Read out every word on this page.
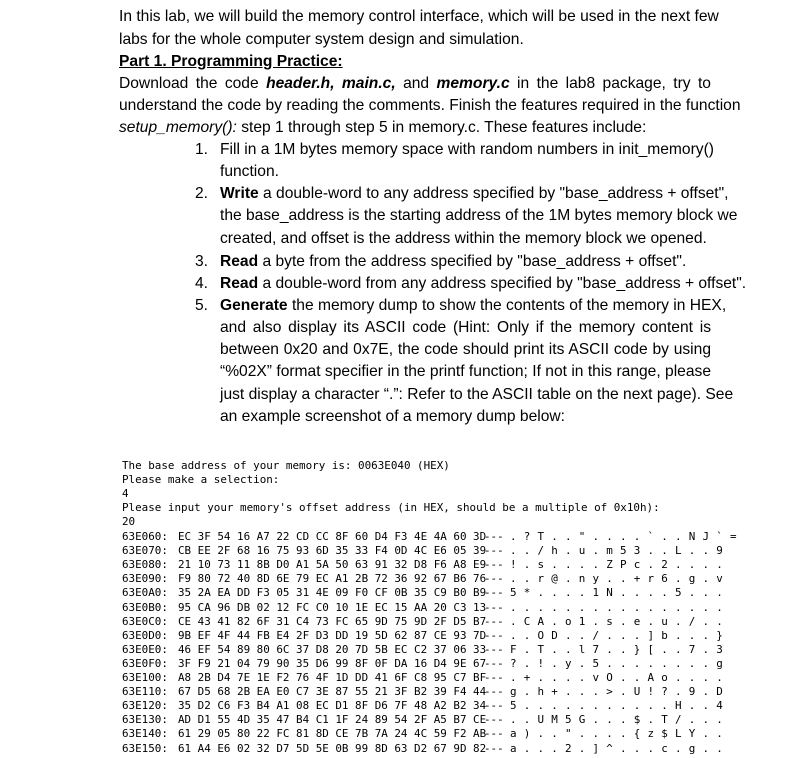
In this lab, we will build the memory control interface, which will be used in the next few
labs for the whole computer system design and simulation.
Part 1. Programming Practice:
Download the code header.h, main.c, and memory.c in the lab8 package, try to
understand the code by reading the comments. Finish the features required in the function
setup_memory(): step 1 through step 5 in memory.c. These features include:
1. Fill in a 1M bytes memory space with random numbers in init_memory()
function.
2. Write a double-word to any address specified by "base_address + offset",
the base_address is the starting address of the 1M bytes memory block we
created, and offset is the address within the memory block we opened.
3. Read a byte from the address specified by "base_address + offset".
4. Read a double-word from any address specified by "base_address + offset".
5. Generate the memory dump to show the contents of the memory in HEX,
and also display its ASCII code (Hint: Only if the memory content is
between 0x20 and 0x7E, the code should print its ASCII code by using
“%02X” format specifier in the printf function; If not in this range, please
just display a character “.”: Refer to the ASCII table on the next page). See
an example screenshot of a memory dump below:
The base address of your memory is: 0063E040 (HEX)
Please make a selection:
4
Please input your memory's offset address (in HEX, should be a multiple of 0x10h):
20
63E060: EC 3F 54 16 A7 22 CD CC 8F 60 D4 F3 4E 4A 60 3D
--- . ? T . . " . . . . ` . . N J ` =
63E070: CB EE 2F 68 16 75 93 6D 35 33 F4 0D 4C E6 05 39
--- . . / h . u . m 5 3 . . L . . 9
63E080: 21 10 73 11 8B D0 A1 5A 50 63 91 32 D8 F6 A8 E9
--- ! . s . . . . Z P c . 2 . . . .
63E090: F9 80 72 40 8D 6E 79 EC A1 2B 72 36 92 67 B6 76
--- . . r @ . n y . . + r 6 . g . v
63E0A0: 35 2A EA DD F3 05 31 4E 09 F0 CF 0B 35 C9 B0 B9
--- 5 * . . . . 1 N . . . . 5 . . .
63E0B0: 95 CA 96 DB 02 12 FC C0 10 1E EC 15 AA 20 C3 13
--- . . . . . . . . . . . . . . . .
63E0C0: CE 43 41 82 6F 31 C4 73 FC 65 9D 75 9D 2F D5 B7
--- . C A . o 1 . s . e . u . / . .
63E0D0: 9B EF 4F 44 FB E4 2F D3 DD 19 5D 62 87 CE 93 7D
--- . . O D . . / . . . ] b . . . }
63E0E0: 46 EF 54 89 80 6C 37 D8 20 7D 5B EC C2 37 06 33
--- F . T . . l 7 . . } [ . . 7 . 3
63E0F0: 3F F9 21 04 79 90 35 D6 99 8F 0F DA 16 D4 9E 67
--- ? . ! . y . 5 . . . . . . . . g
63E100: A8 2B D4 7E 1E F2 76 4F 1D DD 41 6F C8 95 C7 BF
--- . + . . . . v O . . A o . . . .
63E110: 67 D5 68 2B EA E0 C7 3E 87 55 21 3F B2 39 F4 44
--- g . h + . . . > . U ! ? . 9 . D
63E120: 35 D2 C6 F3 B4 A1 08 EC D1 8F D6 7F 48 A2 B2 34
--- 5 . . . . . . . . . . . H . . 4
63E130: AD D1 55 4D 35 47 B4 C1 1F 24 89 54 2F A5 B7 CE
--- . . U M 5 G . . . $ . T / . . .
63E140: 61 29 05 80 22 FC 81 8D CE 7B 7A 24 4C 59 F2 AB
--- a ) . . " . . . . { z $ L Y . .
63E150: 61 A4 E6 02 32 D7 5D 5E 0B 99 8D 63 D2 67 9D 82
--- a . . . 2 . ] ^ . . . c . g . .
